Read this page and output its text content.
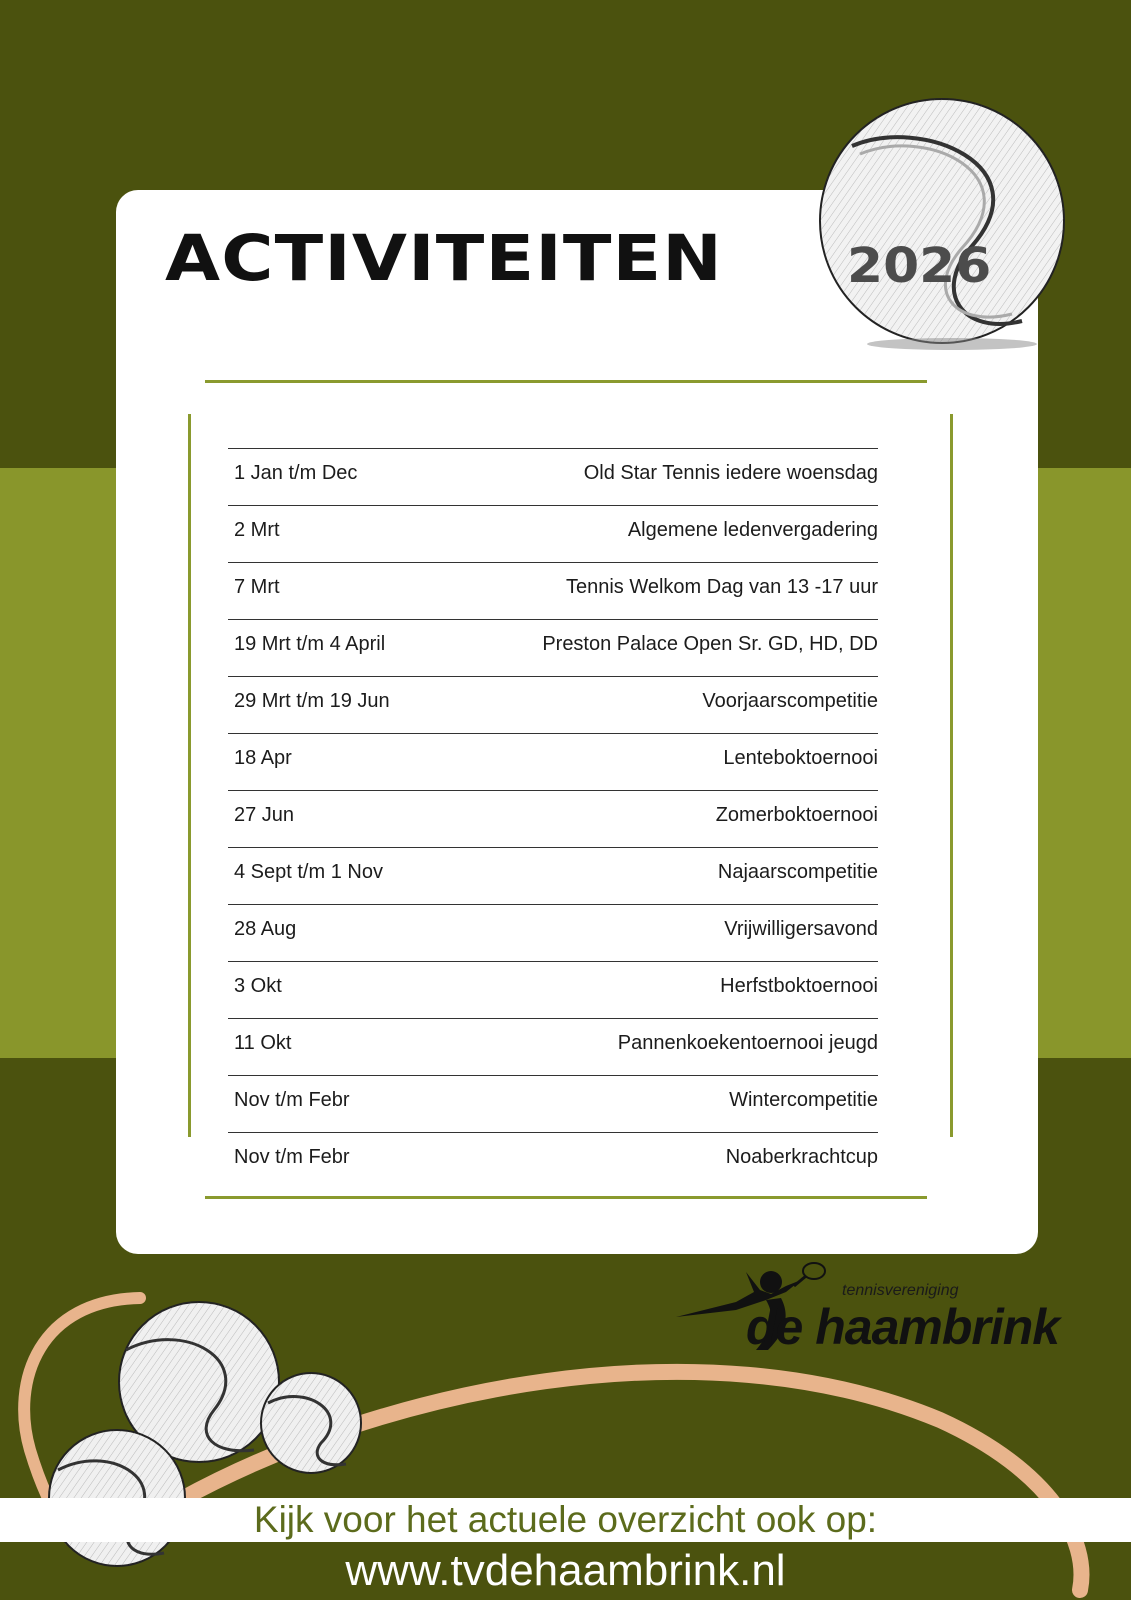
ACTIVITEITEN	2026
1 Jan t/m Dec	Old Star Tennis iedere woensdag
2 Mrt	Algemene ledenvergadering
7 Mrt	Tennis Welkom Dag van 13 -17 uur
19 Mrt t/m 4 April	Preston Palace Open Sr. GD, HD, DD
29 Mrt t/m 19 Jun	Voorjaarscompetitie
18 Apr	Lenteboktoernooi
27 Jun	Zomerboktoernooi
4 Sept t/m 1 Nov	Najaarscompetitie
28 Aug	Vrijwilligersavond
3 Okt	Herfstboktoernooi
11 Okt	Pannenkoekentoernooi jeugd
Nov t/m Febr	Wintercompetitie
Nov t/m Febr	Noaberkrachtcup
tennisvereniging
de haambrink
Kijk voor het actuele overzicht ook op:
www.tvdehaambrink.nl
